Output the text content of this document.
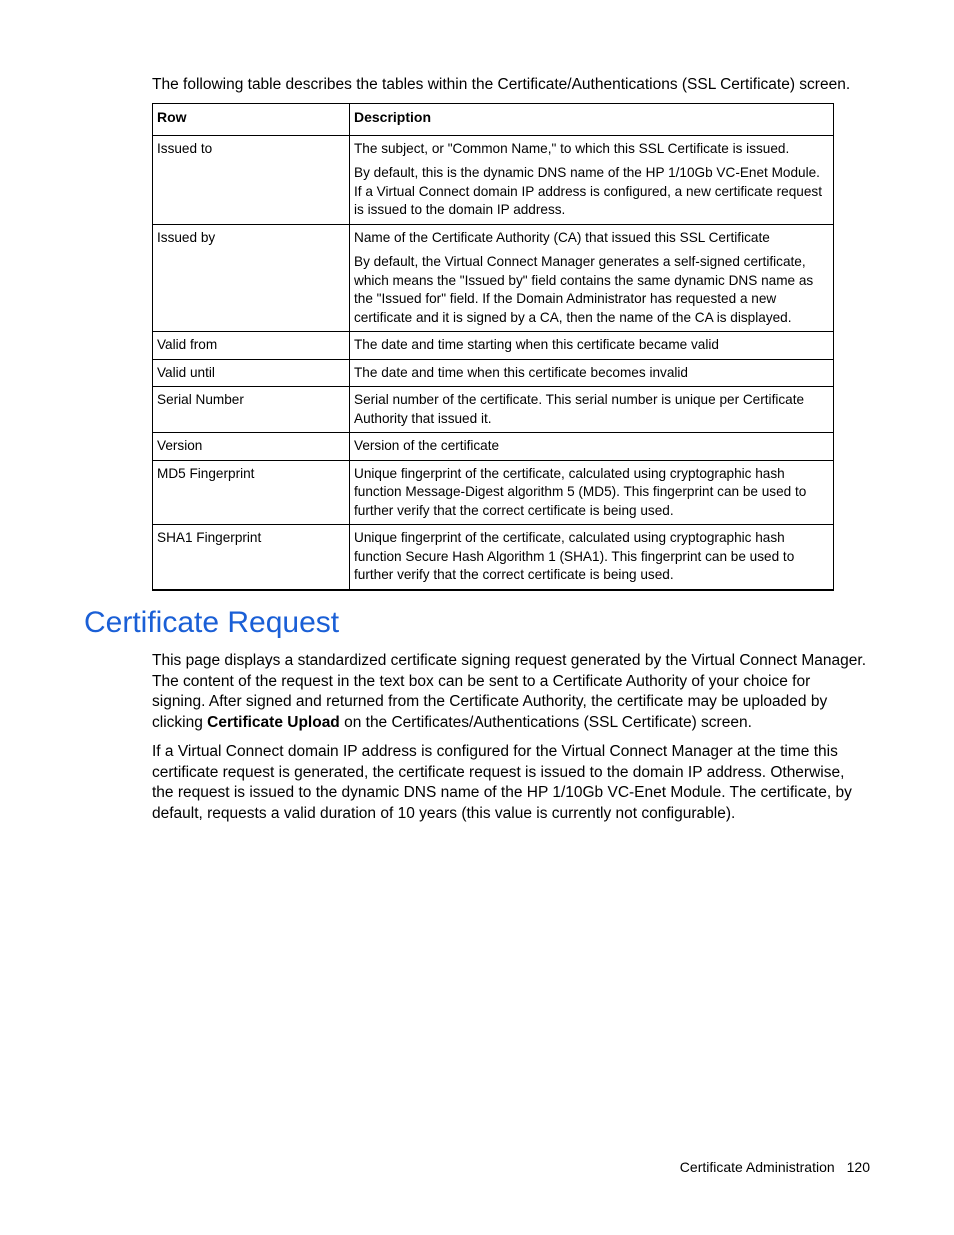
The following table describes the tables within the Certificate/Authentications (SSL Certificate) screen.

Row	Description
Issued to	The subject, or "Common Name," to which this SSL Certificate is issued.

By default, this is the dynamic DNS name of the HP 1/10Gb VC-Enet Module. If a Virtual Connect domain IP address is configured, a new certificate request is issued to the domain IP address.

Issued by	Name of the Certificate Authority (CA) that issued this SSL Certificate

By default, the Virtual Connect Manager generates a self-signed certificate, which means the "Issued by" field contains the same dynamic DNS name as the "Issued for" field. If the Domain Administrator has requested a new certificate and it is signed by a CA, then the name of the CA is displayed.

Valid from	The date and time starting when this certificate became valid

Valid until	The date and time when this certificate becomes invalid

Serial Number	Serial number of the certificate. This serial number is unique per Certificate Authority that issued it.

Version	Version of the certificate

MD5 Fingerprint	Unique fingerprint of the certificate, calculated using cryptographic hash function Message-Digest algorithm 5 (MD5). This fingerprint can be used to further verify that the correct certificate is being used.

SHA1 Fingerprint	Unique fingerprint of the certificate, calculated using cryptographic hash function Secure Hash Algorithm 1 (SHA1). This fingerprint can be used to further verify that the correct certificate is being used.

Certificate Request

This page displays a standardized certificate signing request generated by the Virtual Connect Manager. The content of the request in the text box can be sent to a Certificate Authority of your choice for signing. After signed and returned from the Certificate Authority, the certificate may be uploaded by clicking Certificate Upload on the Certificates/Authentications (SSL Certificate) screen.

If a Virtual Connect domain IP address is configured for the Virtual Connect Manager at the time this certificate request is generated, the certificate request is issued to the domain IP address. Otherwise, the request is issued to the dynamic DNS name of the HP 1/10Gb VC-Enet Module. The certificate, by default, requests a valid duration of 10 years (this value is currently not configurable).

Certificate Administration 120
